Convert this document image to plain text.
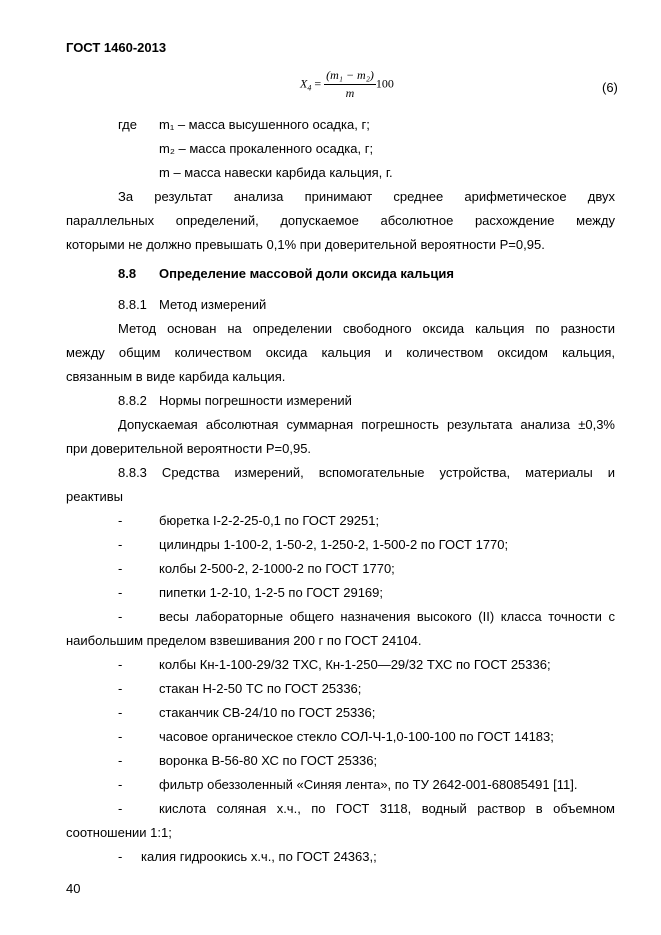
ГОСТ 1460-2013
$X_4 = \frac{\text{(m₁ − m₂)}}{m} 100$	(6)
где m₁ – масса высушенного осадка, г;
m₂ – масса прокаленного осадка, г;
m – масса навески карбида кальция, г.
За результат анализа принимают среднее арифметическое двух
параллельных определений, допускаемое абсолютное расхождение между
которыми не должно превышать 0,1% при доверительной вероятности Р=0,95.
8.8 Определение массовой доли оксида кальция
8.8.1 Метод измерений
Метод основан на определении свободного оксида кальция по разности
между общим количеством оксида кальция и количеством оксидом кальция,
связанным в виде карбида кальция.
8.8.2 Нормы погрешности измерений
Допускаемая абсолютная суммарная погрешность результата анализа ±0,3%
при доверительной вероятности Р=0,95.
8.8.3 Средства измерений, вспомогательные устройства, материалы и
реактивы
-	бюретка I-2-2-25-0,1 по ГОСТ 29251;
-	цилиндры 1-100-2, 1-50-2, 1-250-2, 1-500-2 по ГОСТ 1770;
-	колбы 2-500-2, 2-1000-2 по ГОСТ 1770;
-	пипетки 1-2-10, 1-2-5 по ГОСТ 29169;
-	весы лабораторные общего назначения высокого (II) класса точности с
наибольшим пределом взвешивания 200 г по ГОСТ 24104.
-	колбы Кн-1-100-29/32 ТХС, Кн-1-250—29/32 ТХС по ГОСТ 25336;
-	стакан Н-2-50 ТС по ГОСТ 25336;
-	стаканчик СВ-24/10 по ГОСТ 25336;
-	часовое органическое стекло СОЛ-Ч-1,0-100-100 по ГОСТ 14183;
-	воронка В-56-80 ХС по ГОСТ 25336;
-	фильтр обеззоленный «Синяя лента», по ТУ 2642-001-68085491 [11].
-	кислота соляная х.ч., по ГОСТ 3118, водный раствор в объемном
соотношении 1:1;
- калия гидроокись х.ч., по ГОСТ 24363,;
40
